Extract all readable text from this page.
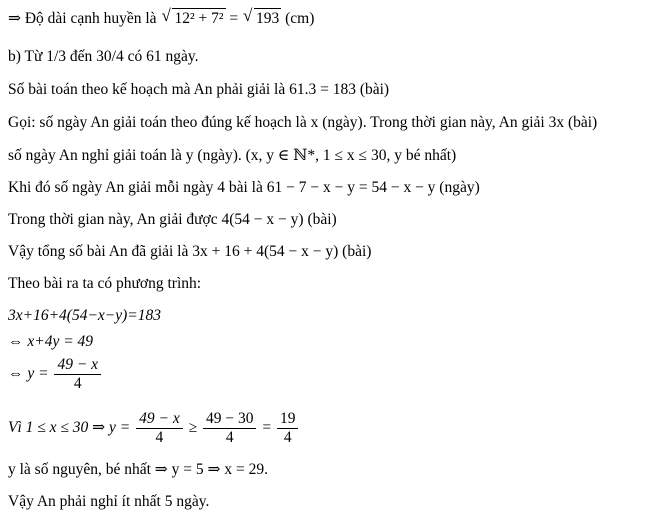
⇒ Độ dài cạnh huyền là √ 12² + 7² = √ 193 (cm)
b) Từ 1/3 đến 30/4 có 61 ngày.
Số bài toán theo kế hoạch mà An phải giải là 61.3 = 183 (bài)
Gọi: số ngày An giải toán theo đúng kế hoạch là x (ngày). Trong thời gian này, An giải 3x (bài)
số ngày An nghỉ giải toán là y (ngày). (x, y ∈ ℕ*, 1 ≤ x ≤ 30, y bé nhất)
Khi đó số ngày An giải mỗi ngày 4 bài là 61 − 7 − x − y = 54 − x − y (ngày)
Trong thời gian này, An giải được 4(54 − x − y) (bài)
Vậy tổng số bài An đã giải là 3x + 16 + 4(54 − x − y) (bài)
Theo bài ra ta có phương trình:
3x+16+4(54−x−y)=183
⇔ x+4y = 49
⇔ $y = \frac{49 - x}{4}$
Vì 1 ≤ x ≤ 30 ⇒ $y = \frac{49 - x}{4} \ge \frac{49 - 30}{4} = \frac{19}{4}$
y là số nguyên, bé nhất ⇒ y = 5 ⇒ x = 29.
Vậy An phải nghỉ ít nhất 5 ngày.
